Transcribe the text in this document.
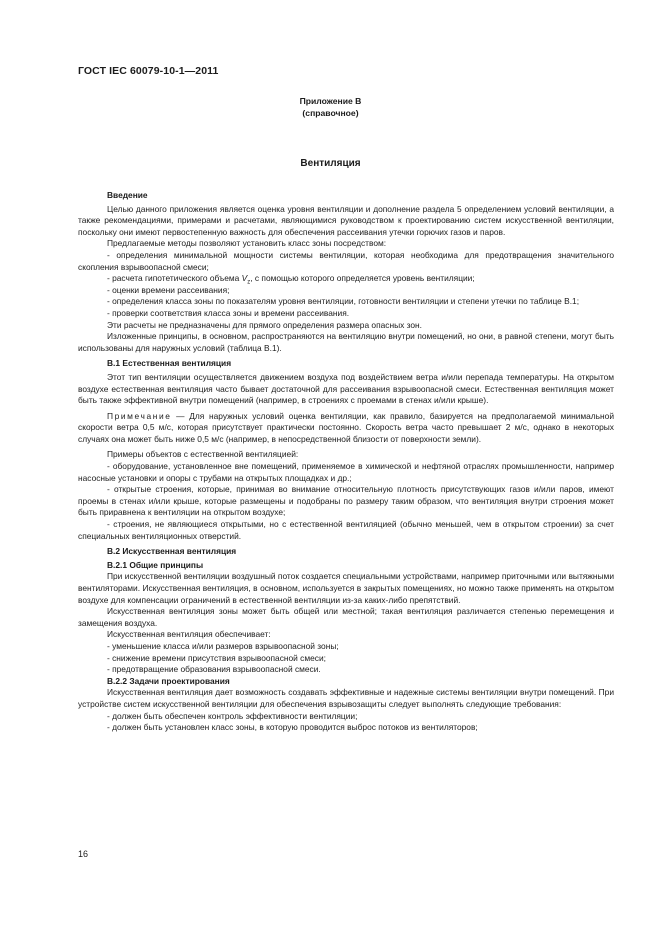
ГОСТ IEC 60079-10-1—2011
Приложение В
(справочное)
Вентиляция

Введение

Целью данного приложения является оценка уровня вентиляции и дополнение раздела 5 определением условий вентиляции, а также рекомендациями, примерами и расчетами, являющимися руководством к проектированию систем искусственной вентиляции, поскольку они имеют первостепенную важность для обеспечения рассеивания утечки горючих газов и паров.

Предлагаемые методы позволяют установить класс зоны посредством:

- определения минимальной мощности системы вентиляции, которая необходима для предотвращения значительного скопления взрывоопасной смеси;

- расчета гипотетического объема $V_z$, с помощью которого определяется уровень вентиляции;

- оценки времени рассеивания;

- определения класса зоны по показателям уровня вентиляции, готовности вентиляции и степени утечки по таблице В.1;

- проверки соответствия класса зоны и времени рассеивания.

Эти расчеты не предназначены для прямого определения размера опасных зон.

Изложенные принципы, в основном, распространяются на вентиляцию внутри помещений, но они, в равной степени, могут быть использованы для наружных условий (таблица В.1).

В.1 Естественная вентиляция

Этот тип вентиляции осуществляется движением воздуха под воздействием ветра и/или перепада температуры. На открытом воздухе естественная вентиляция часто бывает достаточной для рассеивания взрывоопасной смеси. Естественная вентиляция может быть также эффективной внутри помещений (например, в строениях с проемами в стенах и/или крыше).

Примечание — Для наружных условий оценка вентиляции, как правило, базируется на предполагаемой минимальной скорости ветра 0,5 м/с, которая присутствует практически постоянно. Скорость ветра часто превышает 2 м/с, однако в некоторых случаях она может быть ниже 0,5 м/с (например, в непосредственной близости от поверхности земли).

Примеры объектов с естественной вентиляцией:

- оборудование, установленное вне помещений, применяемое в химической и нефтяной отраслях промышленности, например насосные установки и опоры с трубами на открытых площадках и др.;

- открытые строения, которые, принимая во внимание относительную плотность присутствующих газов и/или паров, имеют проемы в стенах и/или крыше, которые размещены и подобраны по размеру таким образом, что вентиляция внутри строения может быть приравнена к вентиляции на открытом воздухе;

- строения, не являющиеся открытыми, но с естественной вентиляцией (обычно меньшей, чем в открытом строении) за счет специальных вентиляционных отверстий.

В.2 Искусственная вентиляция
В.2.1 Общие принципы

При искусственной вентиляции воздушный поток создается специальными устройствами, например приточными или вытяжными вентиляторами. Искусственная вентиляция, в основном, используется в закрытых помещениях, но можно также применять на открытом воздухе для компенсации ограничений в естественной вентиляции из-за каких-либо препятствий.

Искусственная вентиляция зоны может быть общей или местной; такая вентиляция различается степенью перемещения и замещения воздуха.

Искусственная вентиляция обеспечивает:

- уменьшение класса и/или размеров взрывоопасной зоны;

- снижение времени присутствия взрывоопасной смеси;

- предотвращение образования взрывоопасной смеси.

В.2.2 Задачи проектирования

Искусственная вентиляция дает возможность создавать эффективные и надежные системы вентиляции внутри помещений. При устройстве систем искусственной вентиляции для обеспечения взрывозащиты следует выполнять следующие требования:

- должен быть обеспечен контроль эффективности вентиляции;

- должен быть установлен класс зоны, в которую проводится выброс потоков из вентиляторов;

16
